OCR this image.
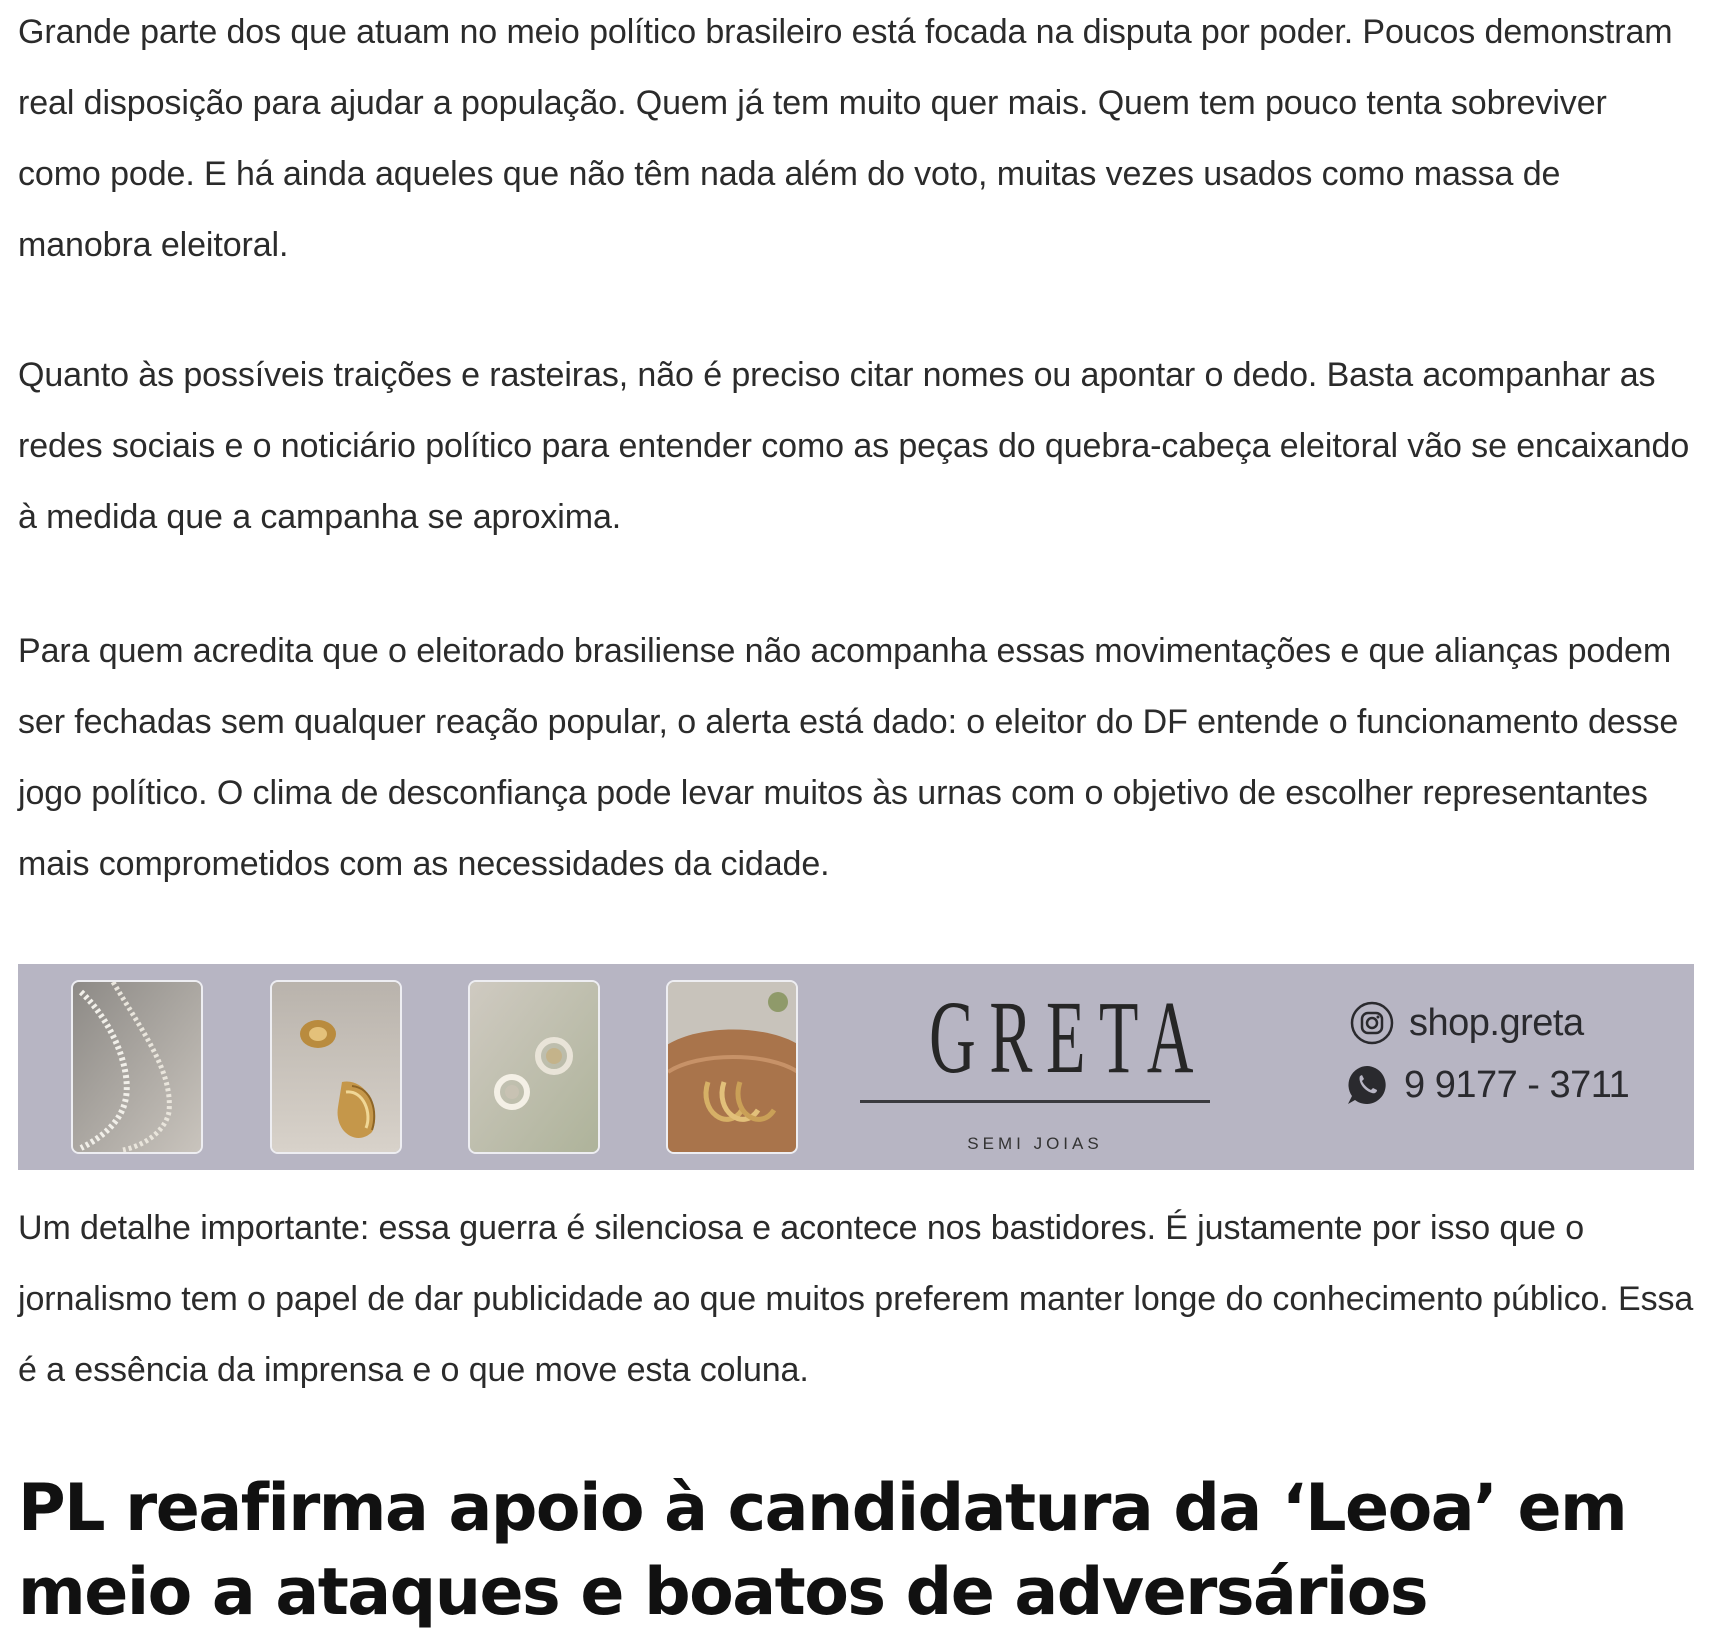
Grande parte dos que atuam no meio político brasileiro está focada na disputa por poder. Poucos demonstram real disposição para ajudar a população. Quem já tem muito quer mais. Quem tem pouco tenta sobreviver como pode. E há ainda aqueles que não têm nada além do voto, muitas vezes usados como massa de manobra eleitoral.

Quanto às possíveis traições e rasteiras, não é preciso citar nomes ou apontar o dedo. Basta acompanhar as redes sociais e o noticiário político para entender como as peças do quebra-cabeça eleitoral vão se encaixando à medida que a campanha se aproxima.

Para quem acredita que o eleitorado brasiliense não acompanha essas movimentações e que alianças podem ser fechadas sem qualquer reação popular, o alerta está dado: o eleitor do DF entende o funcionamento desse jogo político. O clima de desconfiança pode levar muitos às urnas com o objetivo de escolher representantes mais comprometidos com as necessidades da cidade.

GRETA
SEMI JOIAS
shop.greta
9 9177 - 3711

Um detalhe importante: essa guerra é silenciosa e acontece nos bastidores. É justamente por isso que o jornalismo tem o papel de dar publicidade ao que muitos preferem manter longe do conhecimento público. Essa é a essência da imprensa e o que move esta coluna.

PL reafirma apoio à candidatura da ‘Leoa’ em meio a ataques e boatos de adversários
